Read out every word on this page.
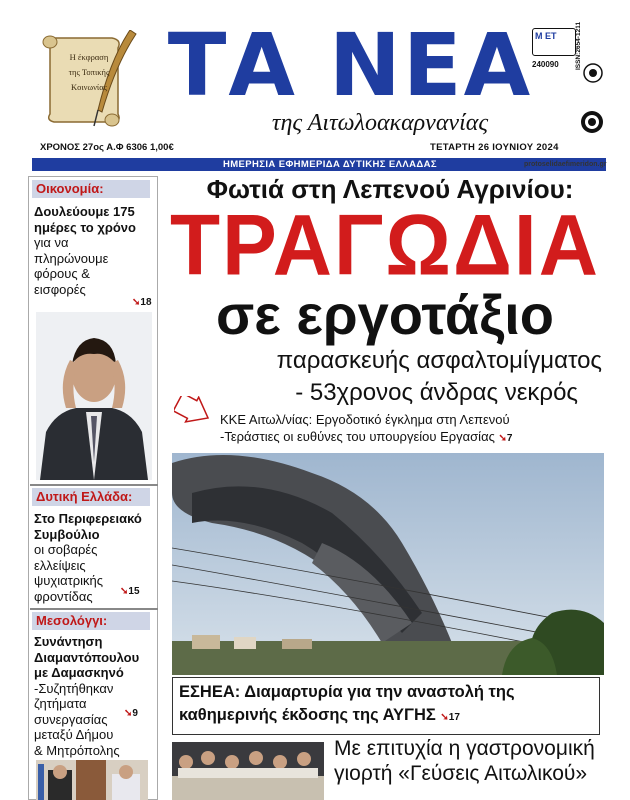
Η έκφραση
της Τοπικής
Κοινωνίας ΤΑ ΝΕΑ
της Αιτωλοακαρνανίας
Μ ΕΤ
240090	ISSN:2654-1211
ΧΡΟΝΟΣ 27ος Α.Φ 6306 1,00€	ΤΕΤΑΡΤΗ 26 ΙΟΥΝΙΟΥ 2024
ΗΜΕΡΗΣΙΑ ΕΦΗΜΕΡΙΔΑ ΔΥΤΙΚΗΣ ΕΛΛΑΔΑΣ	protoselidaefimeridon.gr
Οικονομία:
Δουλεύουμε 175 ημέρες το χρόνο
για να πληρώνουμε φόρους & εισφορές
➘18
Δυτική Ελλάδα:
Στο Περιφερειακό Συμβούλιο
οι σοβαρές ελλείψεις ψυχιατρικής φροντίδας	➘15
Μεσολόγγι:
Συνάντηση Διαμαντόπουλου με Δαμασκηνό
-Συζητήθηκαν ζητήματα συνεργασίας μεταξύ Δήμου & Μητρόπολης
➘9
Φωτιά στη Λεπενού Αγρινίου:
ΤΡΑΓΩΔΙΑ
σε εργοτάξιο
παρασκευής ασφαλτομίγματος
- 53χρονος άνδρας νεκρός
ΚΚΕ Αιτωλ/νίας: Εργοδοτικό έγκλημα στη Λεπενού
-Τεράστιες οι ευθύνες του υπουργείου Εργασίας ➘7
ΕΣΗΕΑ: Διαμαρτυρία για την αναστολή της καθημερινής έκδοσης της ΑΥΓΗΣ ➘17
Με επιτυχία η γαστρονομική γιορτή «Γεύσεις Αιτωλικού»
